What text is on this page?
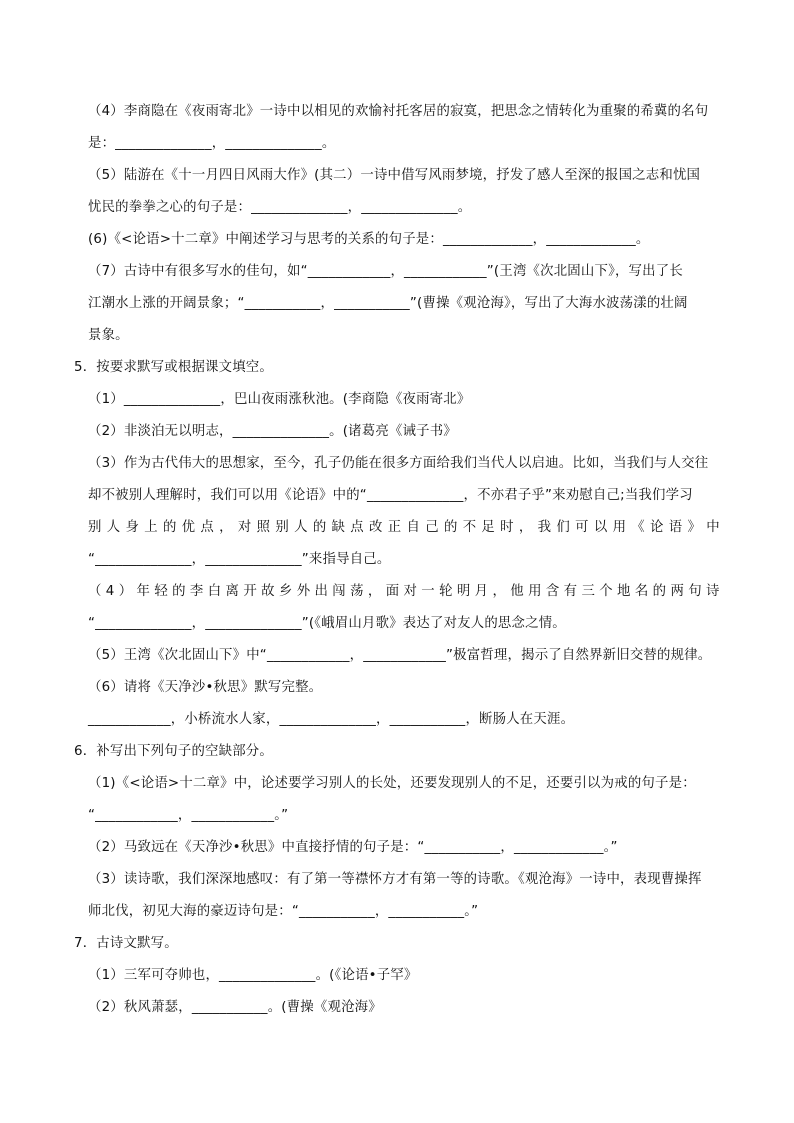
（4）李商隐在《夜雨寄北》一诗中以相见的欢愉衬托客居的寂寞，把思念之情转化为重聚的希冀的名句
是：______________，______________。
（5）陆游在《十一月四日风雨大作》(其二）一诗中借写风雨梦境，抒发了感人至深的报国之志和忧国
忧民的拳拳之心的句子是：______________，______________。
(6)《<论语>十二章》中阐述学习与思考的关系的句子是：_____________，_____________。
（7）古诗中有很多写水的佳句，如“____________，____________”(王湾《次北固山下》，写出了长
江潮水上涨的开阔景象；“___________，___________”(曹操《观沧海》，写出了大海水波荡漾的壮阔
景象。
5．按要求默写或根据课文填空。
（1）______________，巴山夜雨涨秋池。(李商隐《夜雨寄北》
（2）非淡泊无以明志，______________。(诸葛亮《诫子书》
（3）作为古代伟大的思想家，至今，孔子仍能在很多方面给我们当代人以启迪。比如，当我们与人交往
却不被别人理解时，我们可以用《论语》中的“______________，不亦君子乎”来劝慰自己;当我们学习
别 人 身 上 的 优 点 ， 对 照 别 人 的 缺 点 改 正 自 己 的 不 足 时 ， 我 们 可 以 用 《 论 语 》 中
“______________，______________”来指导自己。
（ 4 ） 年 轻 的 李 白 离 开 故 乡 外 出 闯 荡 ， 面 对 一 轮 明 月 ， 他 用 含 有 三 个 地 名 的 两 句 诗
“______________，______________”(《峨眉山月歌》表达了对友人的思念之情。
（5）王湾《次北固山下》中“____________，____________”极富哲理，揭示了自然界新旧交替的规律。
（6）请将《天净沙•秋思》默写完整。
____________，小桥流水人家，______________，___________，断肠人在天涯。
6．补写出下列句子的空缺部分。
（1)《<论语>十二章》中，论述要学习别人的长处，还要发现别人的不足，还要引以为戒的句子是：
“____________，____________。”
（2）马致远在《天净沙•秋思》中直接抒情的句子是：“___________，_____________。”
（3）读诗歌，我们深深地感叹：有了第一等襟怀方才有第一等的诗歌。《观沧海》一诗中，表现曹操挥
师北伐，初见大海的豪迈诗句是：“___________，___________。”
7．古诗文默写。
（1）三军可夺帅也，______________。(《论语•子罕》
（2）秋风萧瑟，___________。(曹操《观沧海》
